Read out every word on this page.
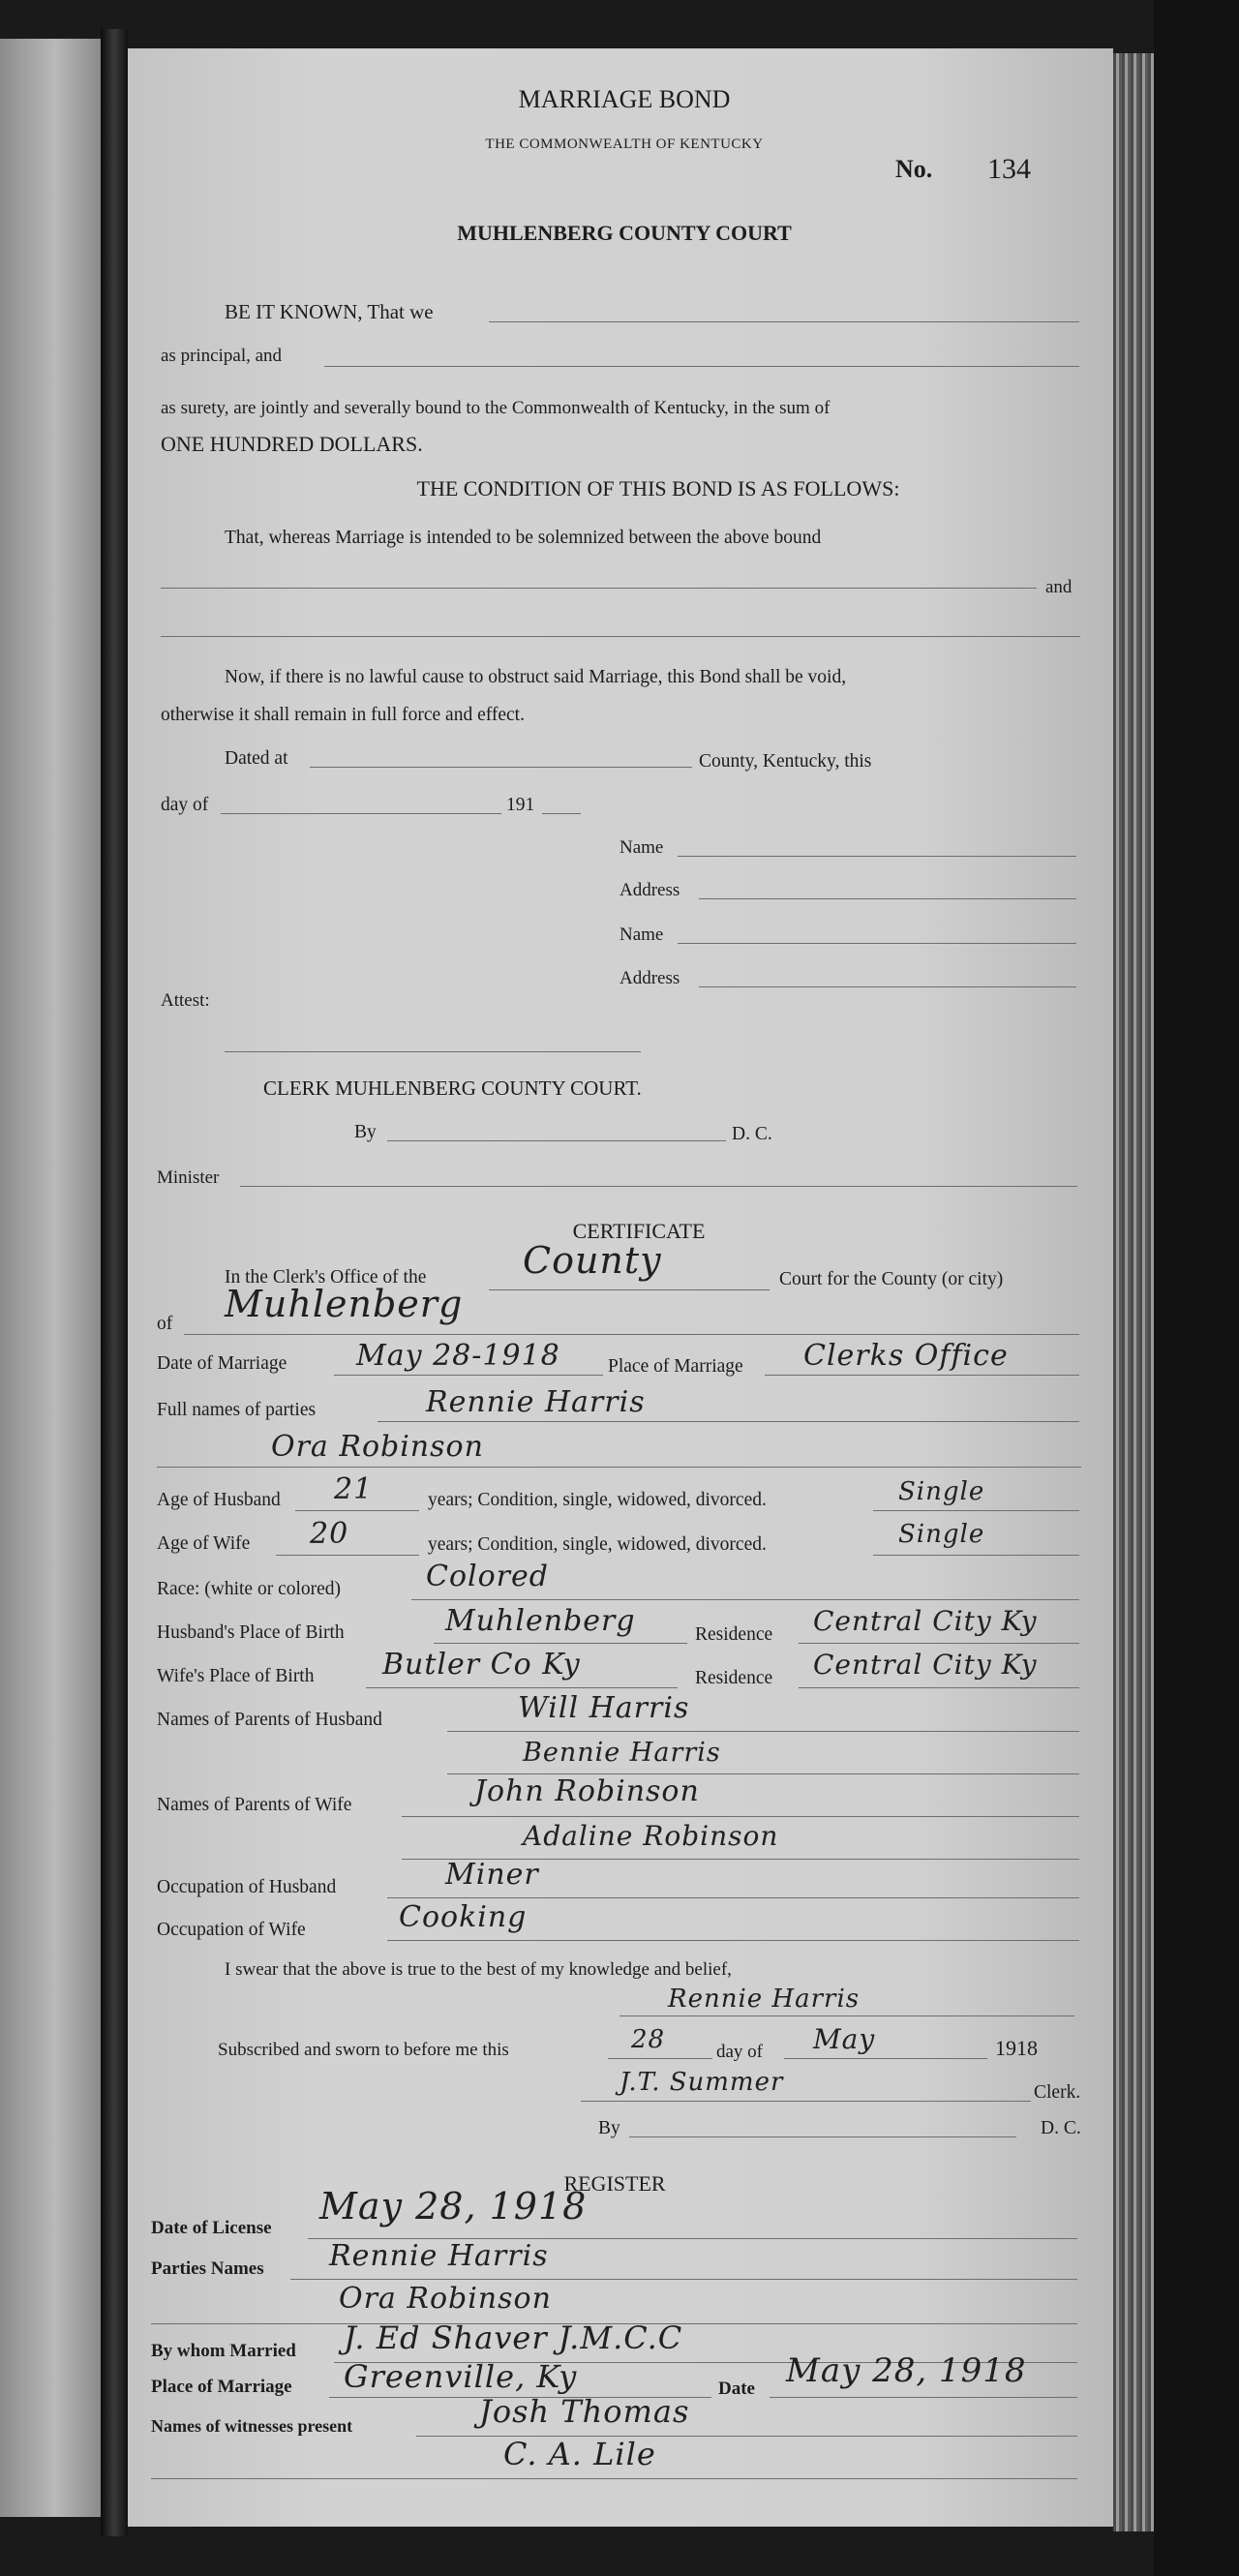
MARRIAGE BOND
THE COMMONWEALTH OF KENTUCKY
No. 134
MUHLENBERG COUNTY COURT
BE IT KNOWN, That we
as principal, and
as surety, are jointly and severally bound to the Commonwealth of Kentucky, in the sum of
ONE HUNDRED DOLLARS.
THE CONDITION OF THIS BOND IS AS FOLLOWS:
That, whereas Marriage is intended to be solemnized between the above bound
and
Now, if there is no lawful cause to obstruct said Marriage, this Bond shall be void,
otherwise it shall remain in full force and effect.
Dated at	County, Kentucky, this
day of	191
Name
Address
Name
Address
Attest:
CLERK MUHLENBERG COUNTY COURT.
By	D. C.
Minister
CERTIFICATE
In the Clerk's Office of the	County	Court for the County (or city)
of Muhlenberg
Date of Marriage May 28-1918	Place of Marriage Clerks Office
Full names of parties	Rennie Harris
Ora Robinson
Age of Husband 21	years; Condition, single, widowed, divorced.	Single
Age of Wife 20	years; Condition, single, widowed, divorced.	Single
Race: (white or colored)	Colored
Husband's Place of Birth	Muhlenberg	Residence Central City Ky
Wife's Place of Birth Butler Co Ky	Residence Central City Ky
Names of Parents of Husband	Will Harris
Bennie Harris
Names of Parents of Wife	John Robinson
Adaline Robinson
Occupation of Husband	Miner
Occupation of Wife	Cooking
I swear that the above is true to the best of my knowledge and belief,
Rennie Harris
Subscribed and sworn to before me this	28	day of May	1918
J.T. Summer	Clerk.
By	D. C.
REGISTER
Date of License
May 28, 1918
Parties Names Rennie Harris
Ora Robinson
By whom Married J. Ed Shaver J.M.C.C
Place of Marriage Greenville, Ky	Date May 28, 1918
Names of witnesses present	Josh Thomas
C. A. Lile
